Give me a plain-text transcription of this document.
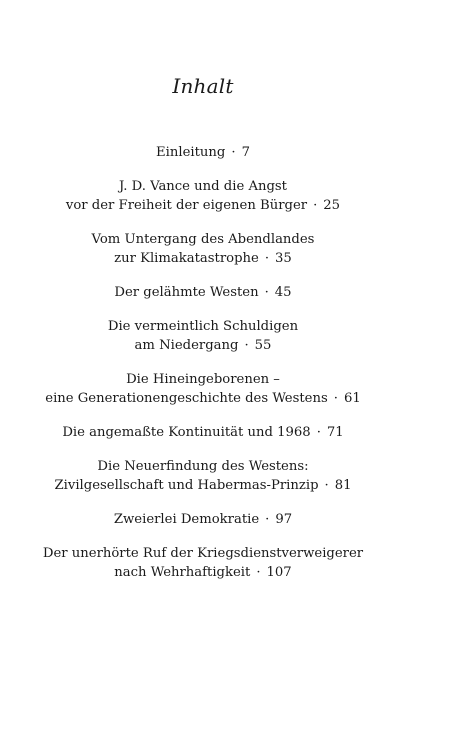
Inhalt
Einleitung · 7
J. D. Vance und die Angst
vor der Freiheit der eigenen Bürger · 25
Vom Untergang des Abendlandes
zur Klimakatastrophe · 35
Der gelähmte Westen · 45
Die vermeintlich Schuldigen
am Niedergang · 55
Die Hineingeborenen –
eine Generationengeschichte des Westens · 61
Die angemaßte Kontinuität und 1968 · 71
Die Neuerfindung des Westens:
Zivilgesellschaft und Habermas-Prinzip · 81
Zweierlei Demokratie · 97
Der unerhörte Ruf der Kriegsdienstverweigerer
nach Wehrhaftigkeit · 107
